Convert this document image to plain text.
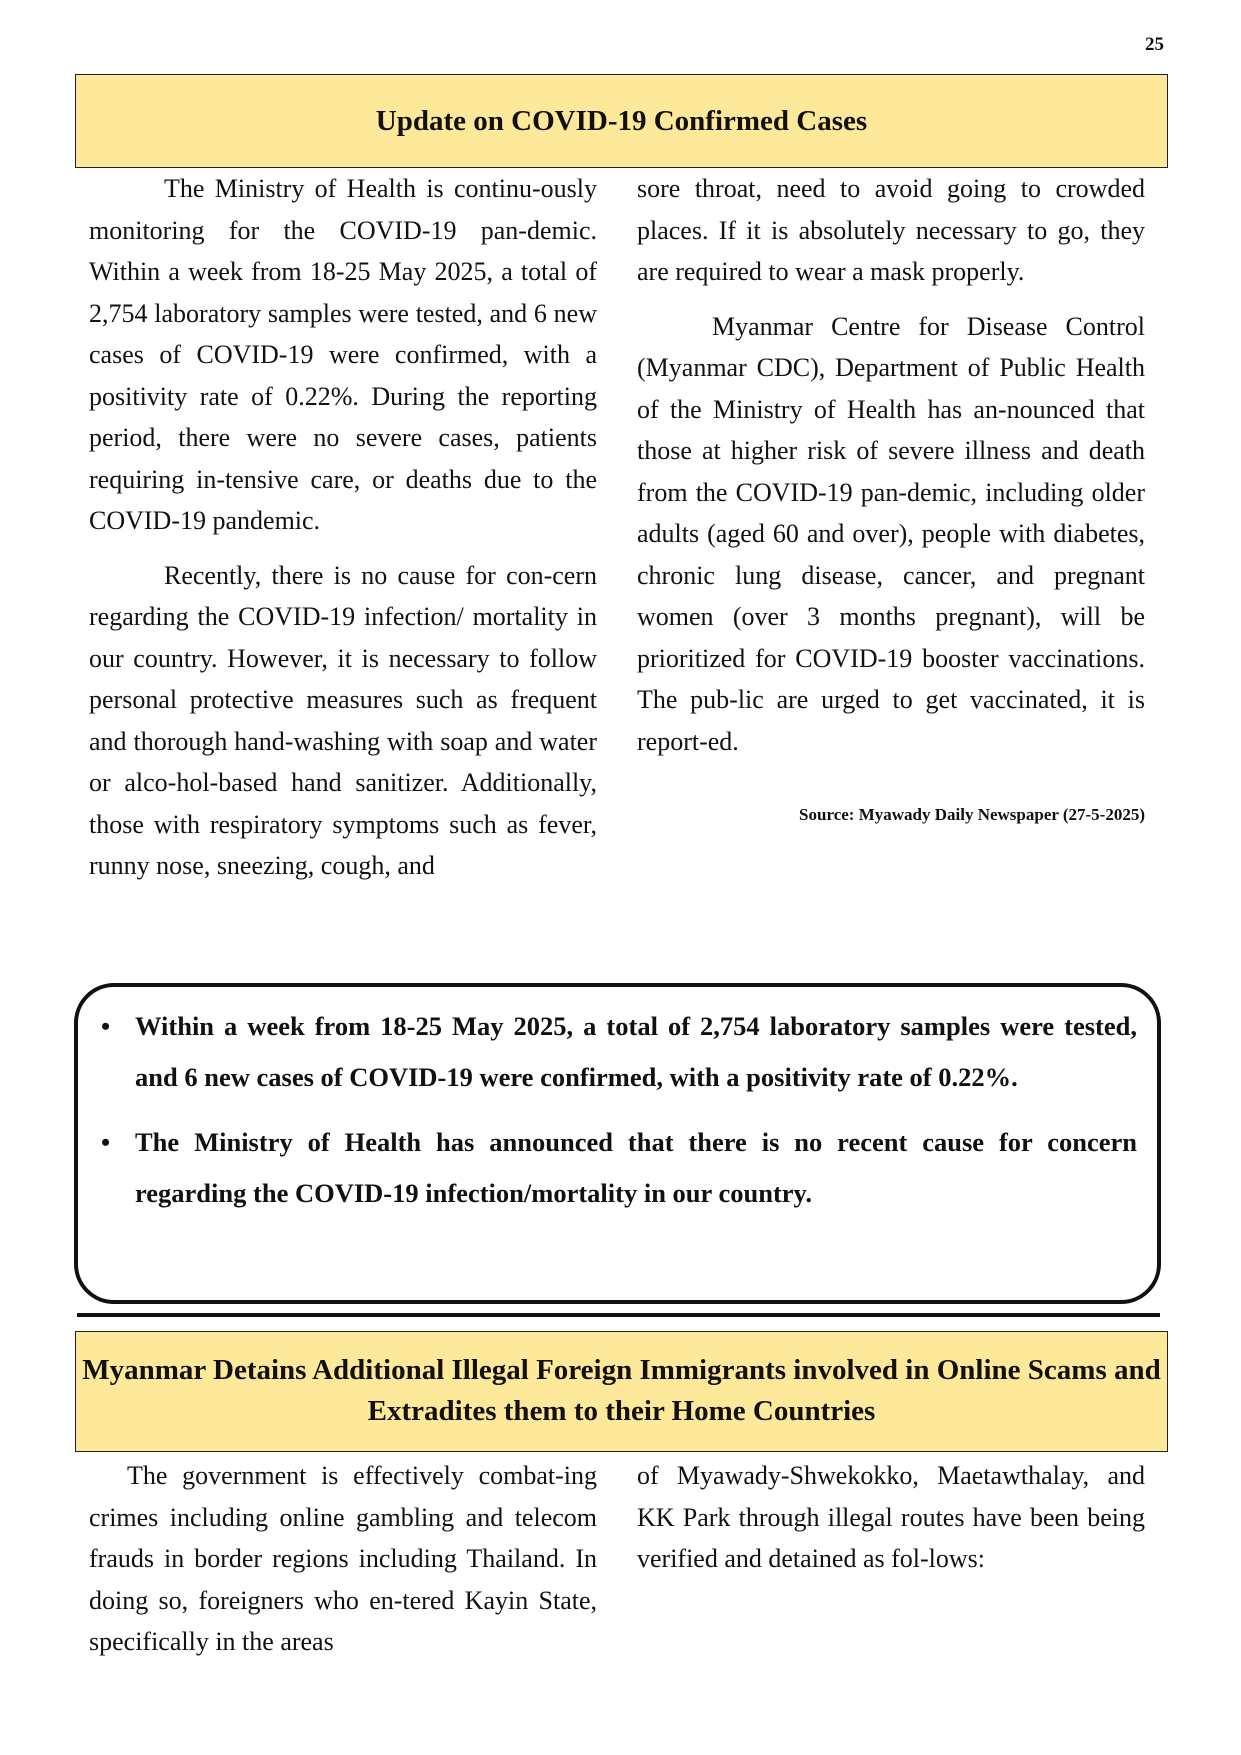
25
Update on COVID-19 Confirmed Cases

The Ministry of Health is continu-ously monitoring for the COVID-19 pan-demic. Within a week from 18-25 May 2025, a total of 2,754 laboratory samples were tested, and 6 new cases of COVID-19 were confirmed, with a positivity rate of 0.22%. During the reporting period, there were no severe cases, patients requiring in-tensive care, or deaths due to the COVID-19 pandemic.

Recently, there is no cause for con-cern regarding the COVID-19 infection/ mortality in our country. However, it is necessary to follow personal protective measures such as frequent and thorough hand-washing with soap and water or alco-hol-based hand sanitizer. Additionally, those with respiratory symptoms such as fever, runny nose, sneezing, cough, and

sore throat, need to avoid going to crowded places. If it is absolutely necessary to go, they are required to wear a mask properly.

Myanmar Centre for Disease Control (Myanmar CDC), Department of Public Health of the Ministry of Health has an-nounced that those at higher risk of severe illness and death from the COVID-19 pan-demic, including older adults (aged 60 and over), people with diabetes, chronic lung disease, cancer, and pregnant women (over 3 months pregnant), will be prioritized for COVID-19 booster vaccinations. The pub-lic are urged to get vaccinated, it is report-ed.

Source: Myawady Daily Newspaper (27-5-2025)

• Within a week from 18-25 May 2025, a total of 2,754 laboratory samples were tested, and 6 new cases of COVID-19 were confirmed, with a positivity rate of 0.22%.
• The Ministry of Health has announced that there is no recent cause for concern regarding the COVID-19 infection/mortality in our country.
Myanmar Detains Additional Illegal Foreign Immigrants involved in Online Scams and Extradites them to their Home Countries

The government is effectively combat-ing crimes including online gambling and telecom frauds in border regions including Thailand. In doing so, foreigners who en-tered Kayin State, specifically in the areas

of Myawady-Shwekokko, Maetawthalay, and KK Park through illegal routes have been being verified and detained as fol-lows:
